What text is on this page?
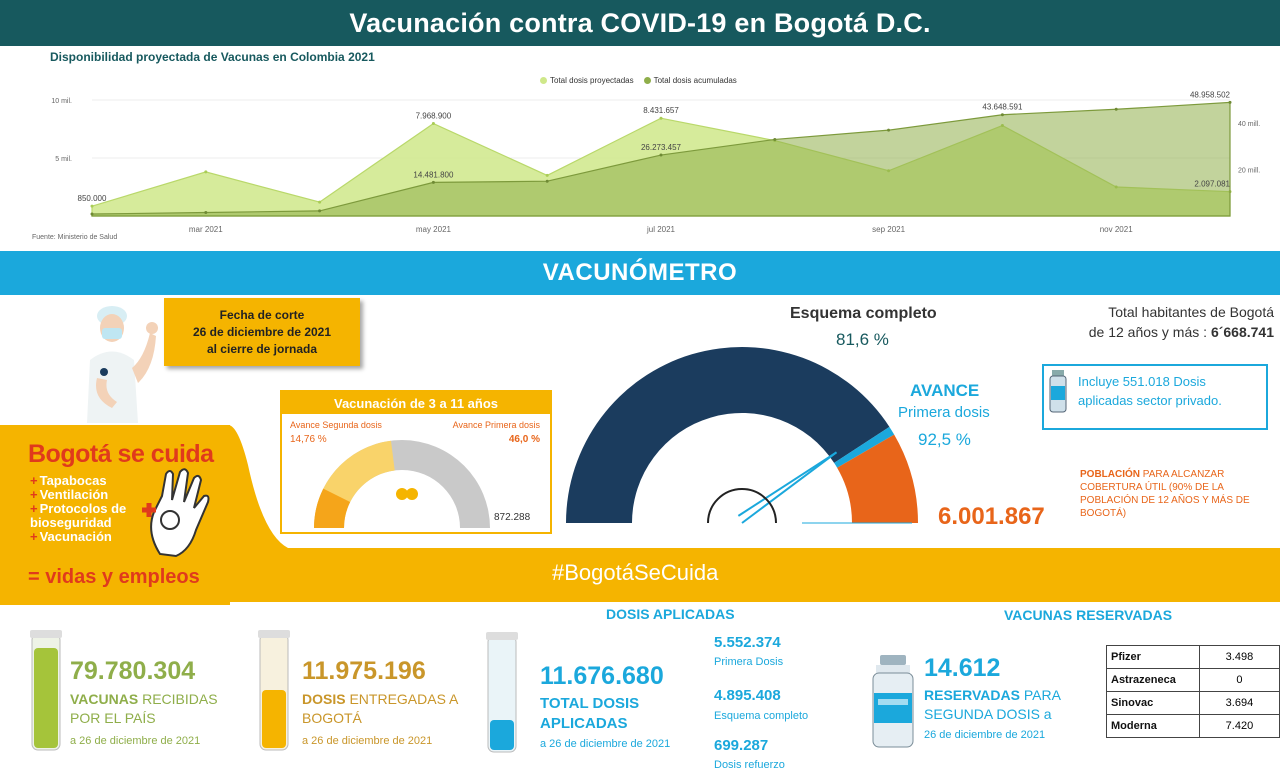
Vacunación contra COVID-19 en Bogotá D.C.
Disponibilidad proyectada de Vacunas en Colombia 2021
Total dosis proyectadas	Total dosis acumuladas
850.000
7.968.900
14.481.800
8.431.657
26.273.457
43.648.591
48.958.502
2.097.081
mar 2021	may 2021	jul 2021	sep 2021	nov 2021
5 mil.
10 mil.
20 mill.
40 mill.
Fuente: Ministerio de Salud
VACUNÓMETRO
#BogotáSeCuida
Fecha de corte
26 de diciembre de 2021
al cierre de jornada
Bogotá se cuida
+ Tapabocas
+ Ventilación
+ Protocolos de bioseguridad
+ Vacunación
= vidas y empleos
Vacunación de 3 a 11 años
Avance Segunda dosis
14,76 %
Avance Primera dosis
46,0 %
872.288
Esquema completo
81,6 %
AVANCE
Primera dosis
92,5 %
6.001.867
POBLACIÓN PARA ALCANZAR COBERTURA ÚTIL (90% DE LA POBLACIÓN DE 12 AÑOS Y MÁS DE BOGOTÁ)
Total habitantes de Bogotá
de 12 años y más : 6´668.741
Incluye 551.018 Dosis aplicadas sector privado.
DOSIS APLICADAS
79.780.304
VACUNAS RECIBIDAS POR EL PAÍS
a 26 de diciembre de 2021
11.975.196
DOSIS ENTREGADAS A BOGOTÁ
a 26 de diciembre de 2021
11.676.680
TOTAL DOSIS
APLICADAS
a 26 de diciembre de 2021
5.552.374
Primera Dosis
4.895.408
Esquema completo
699.287
Dosis refuerzo
VACUNAS RESERVADAS
14.612
RESERVADAS PARA SEGUNDA DOSIS a
26 de diciembre de 2021
Pfizer	3.498
Astrazeneca	0
Sinovac	3.694
Moderna	7.420
